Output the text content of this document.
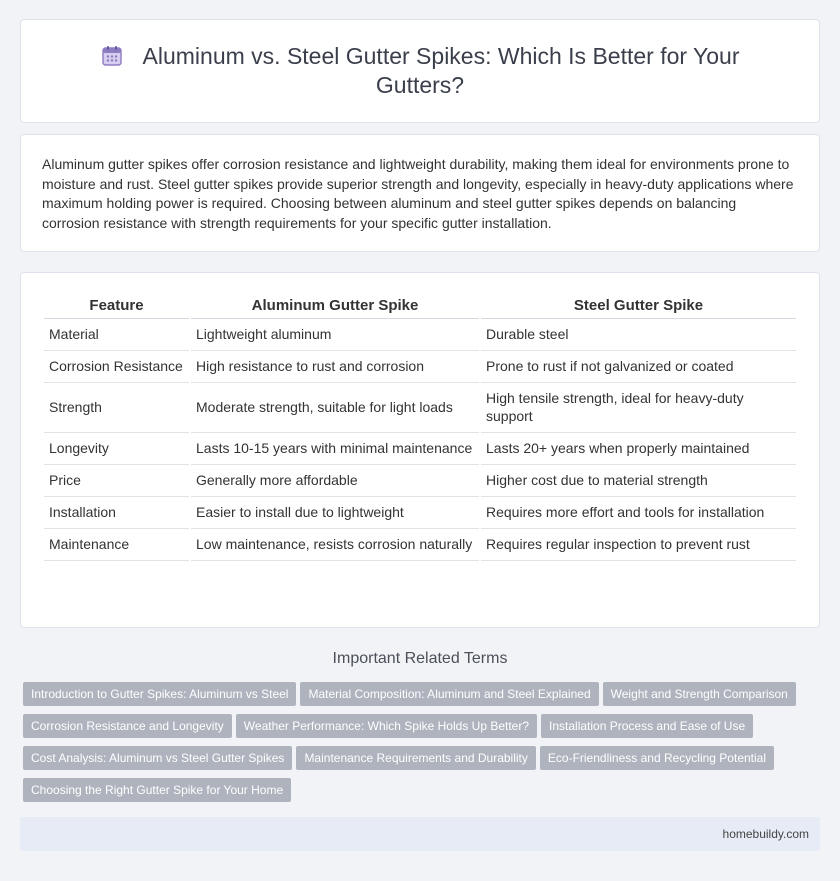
Aluminum vs. Steel Gutter Spikes: Which Is Better for Your Gutters?

Aluminum gutter spikes offer corrosion resistance and lightweight durability, making them ideal for environments prone to moisture and rust. Steel gutter spikes provide superior strength and longevity, especially in heavy-duty applications where maximum holding power is required. Choosing between aluminum and steel gutter spikes depends on balancing corrosion resistance with strength requirements for your specific gutter installation.

Feature	Aluminum Gutter Spike	Steel Gutter Spike
Material	Lightweight aluminum	Durable steel
Corrosion Resistance	High resistance to rust and corrosion	Prone to rust if not galvanized or coated
Strength	Moderate strength, suitable for light loads	High tensile strength, ideal for heavy-duty support
Longevity	Lasts 10-15 years with minimal maintenance	Lasts 20+ years when properly maintained
Price	Generally more affordable	Higher cost due to material strength
Installation	Easier to install due to lightweight	Requires more effort and tools for installation
Maintenance	Low maintenance, resists corrosion naturally	Requires regular inspection to prevent rust
Important Related Terms
Introduction to Gutter Spikes: Aluminum vs Steel Material Composition: Aluminum and Steel Explained Weight and Strength Comparison
Corrosion Resistance and Longevity Weather Performance: Which Spike Holds Up Better? Installation Process and Ease of Use
Cost Analysis: Aluminum vs Steel Gutter Spikes Maintenance Requirements and Durability Eco-Friendliness and Recycling Potential
Choosing the Right Gutter Spike for Your Home
homebuildy.com
